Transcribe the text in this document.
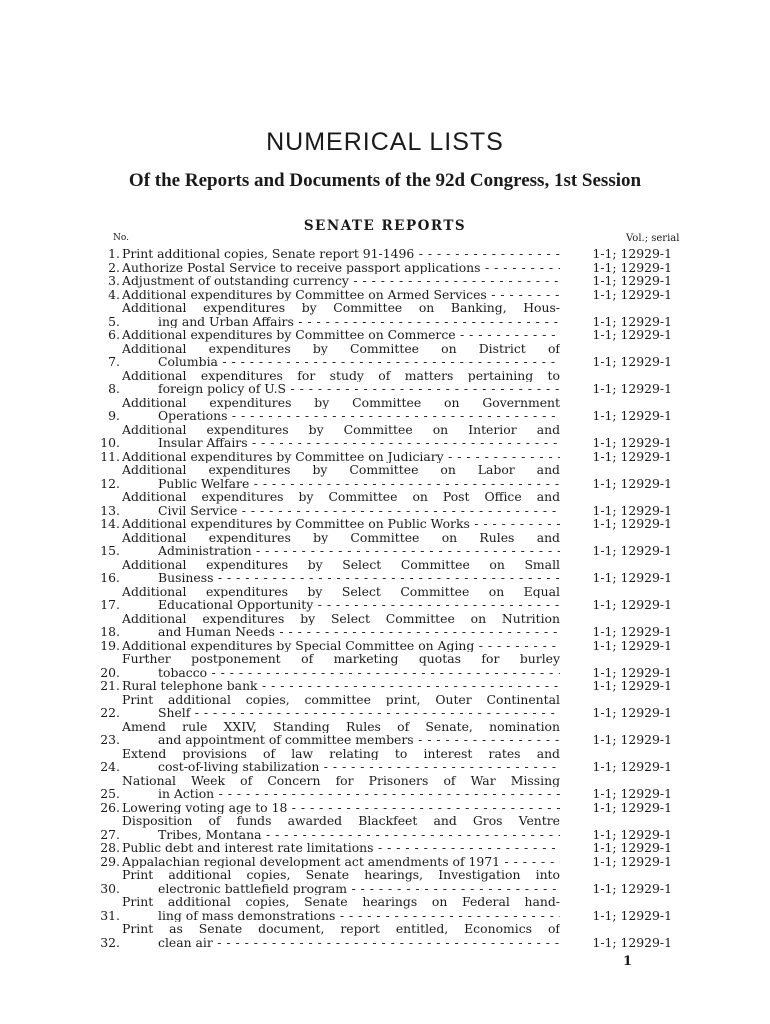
NUMERICAL LISTS
Of the Reports and Documents of the 92d Congress, 1st Session
SENATE REPORTS
No.	Vol.; serial
1. Print additional copies, Senate report 91-1496 - - -	1-1; 12929-1
2. Authorize Postal Service to receive passport applications - - -	1-1; 12929-1
3. Adjustment of outstanding currency - - -	1-1; 12929-1
4. Additional expenditures by Committee on Armed Services - - -	1-1; 12929-1
5.
Additional expenditures by Committee on Banking, Hous-
ing and Urban Affairs - - -	1-1; 12929-1
6. Additional expenditures by Committee on Commerce - - -	1-1; 12929-1
7.
Additional expenditures by Committee on District of
Columbia - - -	1-1; 12929-1
8.
Additional expenditures for study of matters pertaining to
foreign policy of U.S - - -	1-1; 12929-1
9.
Additional expenditures by Committee on Government
Operations - - -	1-1; 12929-1
10.
Additional expenditures by Committee on Interior and
Insular Affairs - - -	1-1; 12929-1
11. Additional expenditures by Committee on Judiciary - - -	1-1; 12929-1
12.
Additional expenditures by Committee on Labor and
Public Welfare - - -	1-1; 12929-1
13.
Additional expenditures by Committee on Post Office and
Civil Service - - -	1-1; 12929-1
14. Additional expenditures by Committee on Public Works - - -	1-1; 12929-1
15.
Additional expenditures by Committee on Rules and
Administration - - -	1-1; 12929-1
16.
Additional expenditures by Select Committee on Small
Business - - -	1-1; 12929-1
17.
Additional expenditures by Select Committee on Equal
Educational Opportunity - - -	1-1; 12929-1
18.
Additional expenditures by Select Committee on Nutrition
and Human Needs - - -	1-1; 12929-1
19. Additional expenditures by Special Committee on Aging - - -	1-1; 12929-1
20.
Further postponement of marketing quotas for burley
tobacco - - -	1-1; 12929-1
21. Rural telephone bank - - -	1-1; 12929-1
22.
Print additional copies, committee print, Outer Continental
Shelf - - -	1-1; 12929-1
23.
Amend rule XXIV, Standing Rules of Senate, nomination
and appointment of committee members - - -	1-1; 12929-1
24.
Extend provisions of law relating to interest rates and
cost-of-living stabilization - - -	1-1; 12929-1
25.
National Week of Concern for Prisoners of War Missing
in Action - - -	1-1; 12929-1
26. Lowering voting age to 18 - - -	1-1; 12929-1
27.
Disposition of funds awarded Blackfeet and Gros Ventre
Tribes, Montana - - -	1-1; 12929-1
28. Public debt and interest rate limitations - - -	1-1; 12929-1
29. Appalachian regional development act amendments of 1971 - - -	1-1; 12929-1
30.
Print additional copies, Senate hearings, Investigation into
electronic battlefield program - - -	1-1; 12929-1
31.
Print additional copies, Senate hearings on Federal hand-
ling of mass demonstrations - - -	1-1; 12929-1
32.
Print as Senate document, report entitled, Economics of
clean air - - -	1-1; 12929-1
1
